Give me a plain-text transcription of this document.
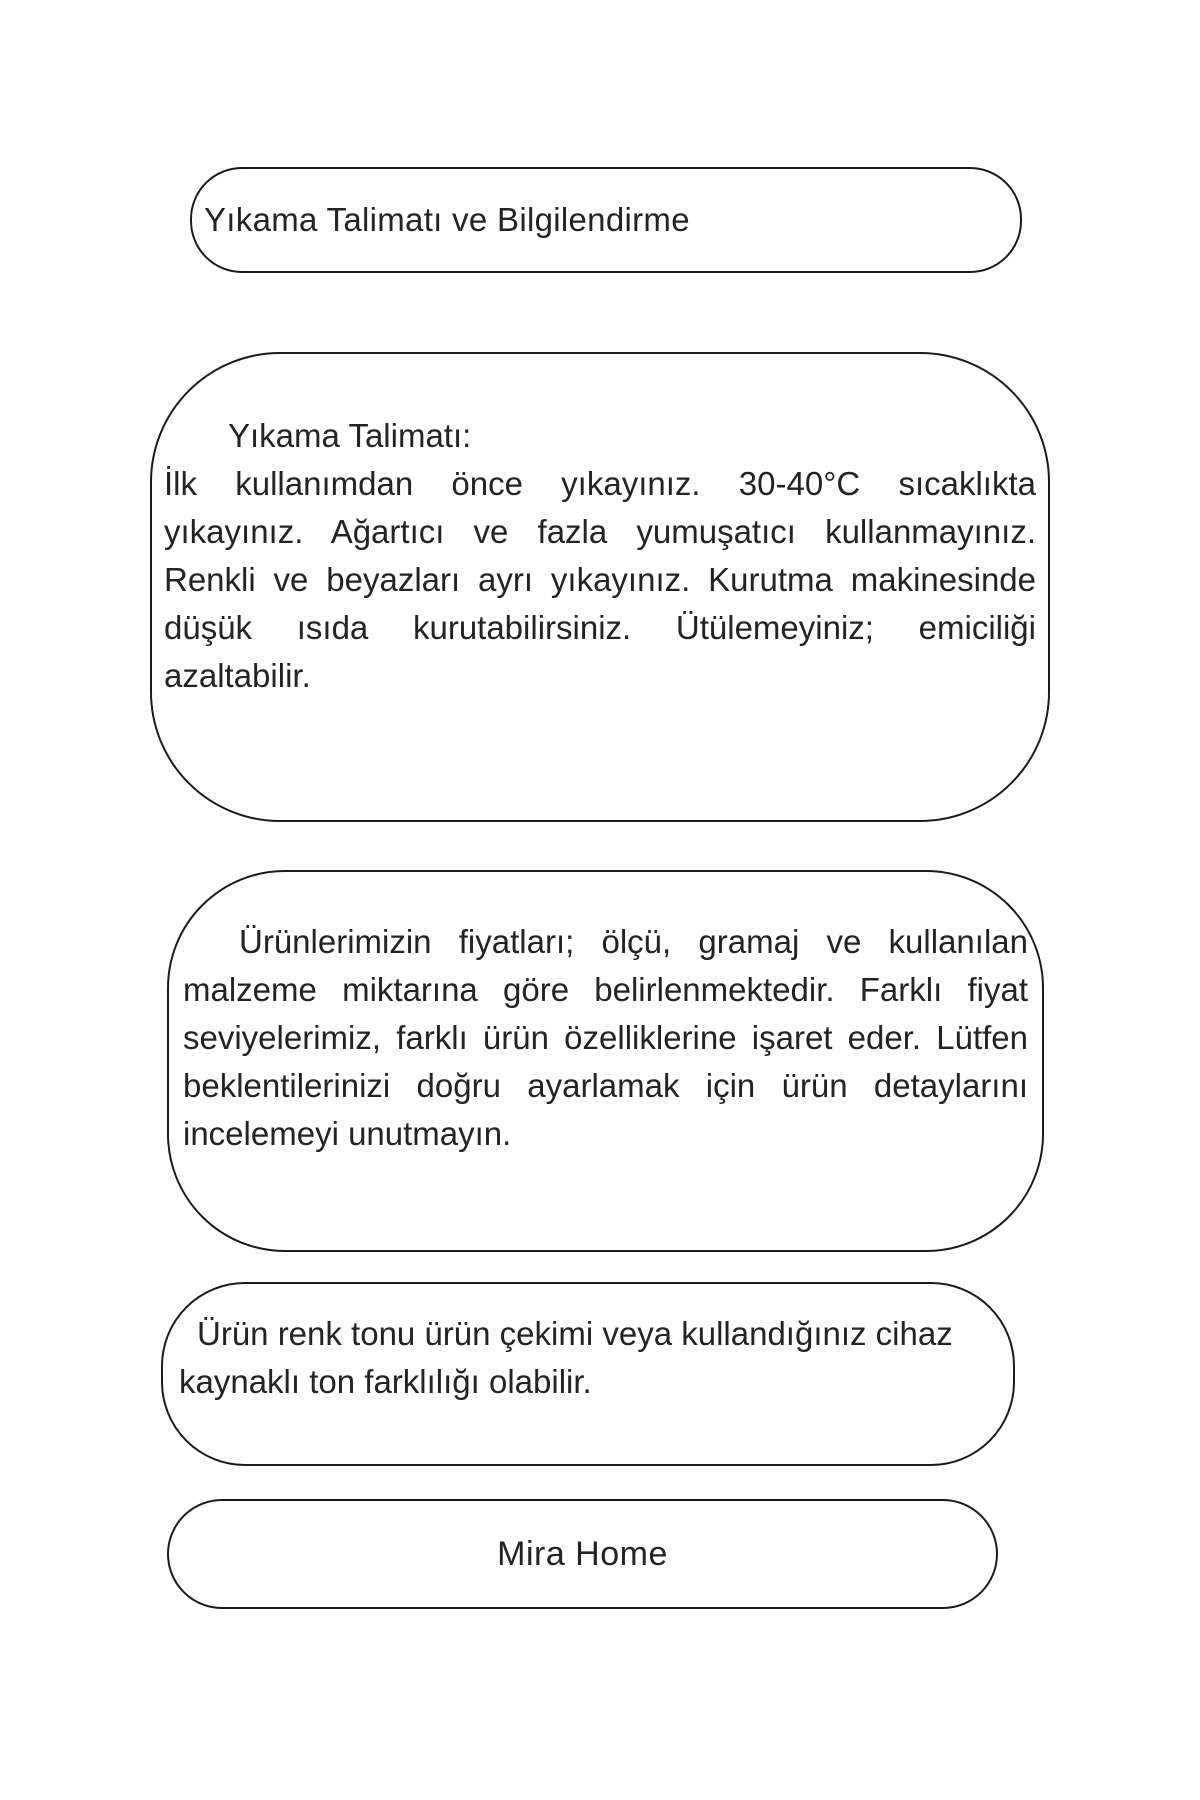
Yıkama Talimatı ve Bilgilendirme
Yıkama Talimatı:
İlk kullanımdan önce yıkayınız. 30-40°C sıcaklıkta yıkayınız. Ağartıcı ve fazla yumuşatıcı kullanmayınız. Renkli ve beyazları ayrı yıkayınız. Kurutma makinesinde düşük ısıda kurutabilirsiniz. Ütülemeyiniz; emiciliği azaltabilir.
Ürünlerimizin fiyatları; ölçü, gramaj ve kullanılan malzeme miktarına göre belirlenmektedir. Farklı fiyat seviyelerimiz, farklı ürün özelliklerine işaret eder. Lütfen beklentilerinizi doğru ayarlamak için ürün detaylarını incelemeyi unutmayın.
Ürün renk tonu ürün çekimi veya kullandığınız cihaz kaynaklı ton farklılığı olabilir.
Mira Home
